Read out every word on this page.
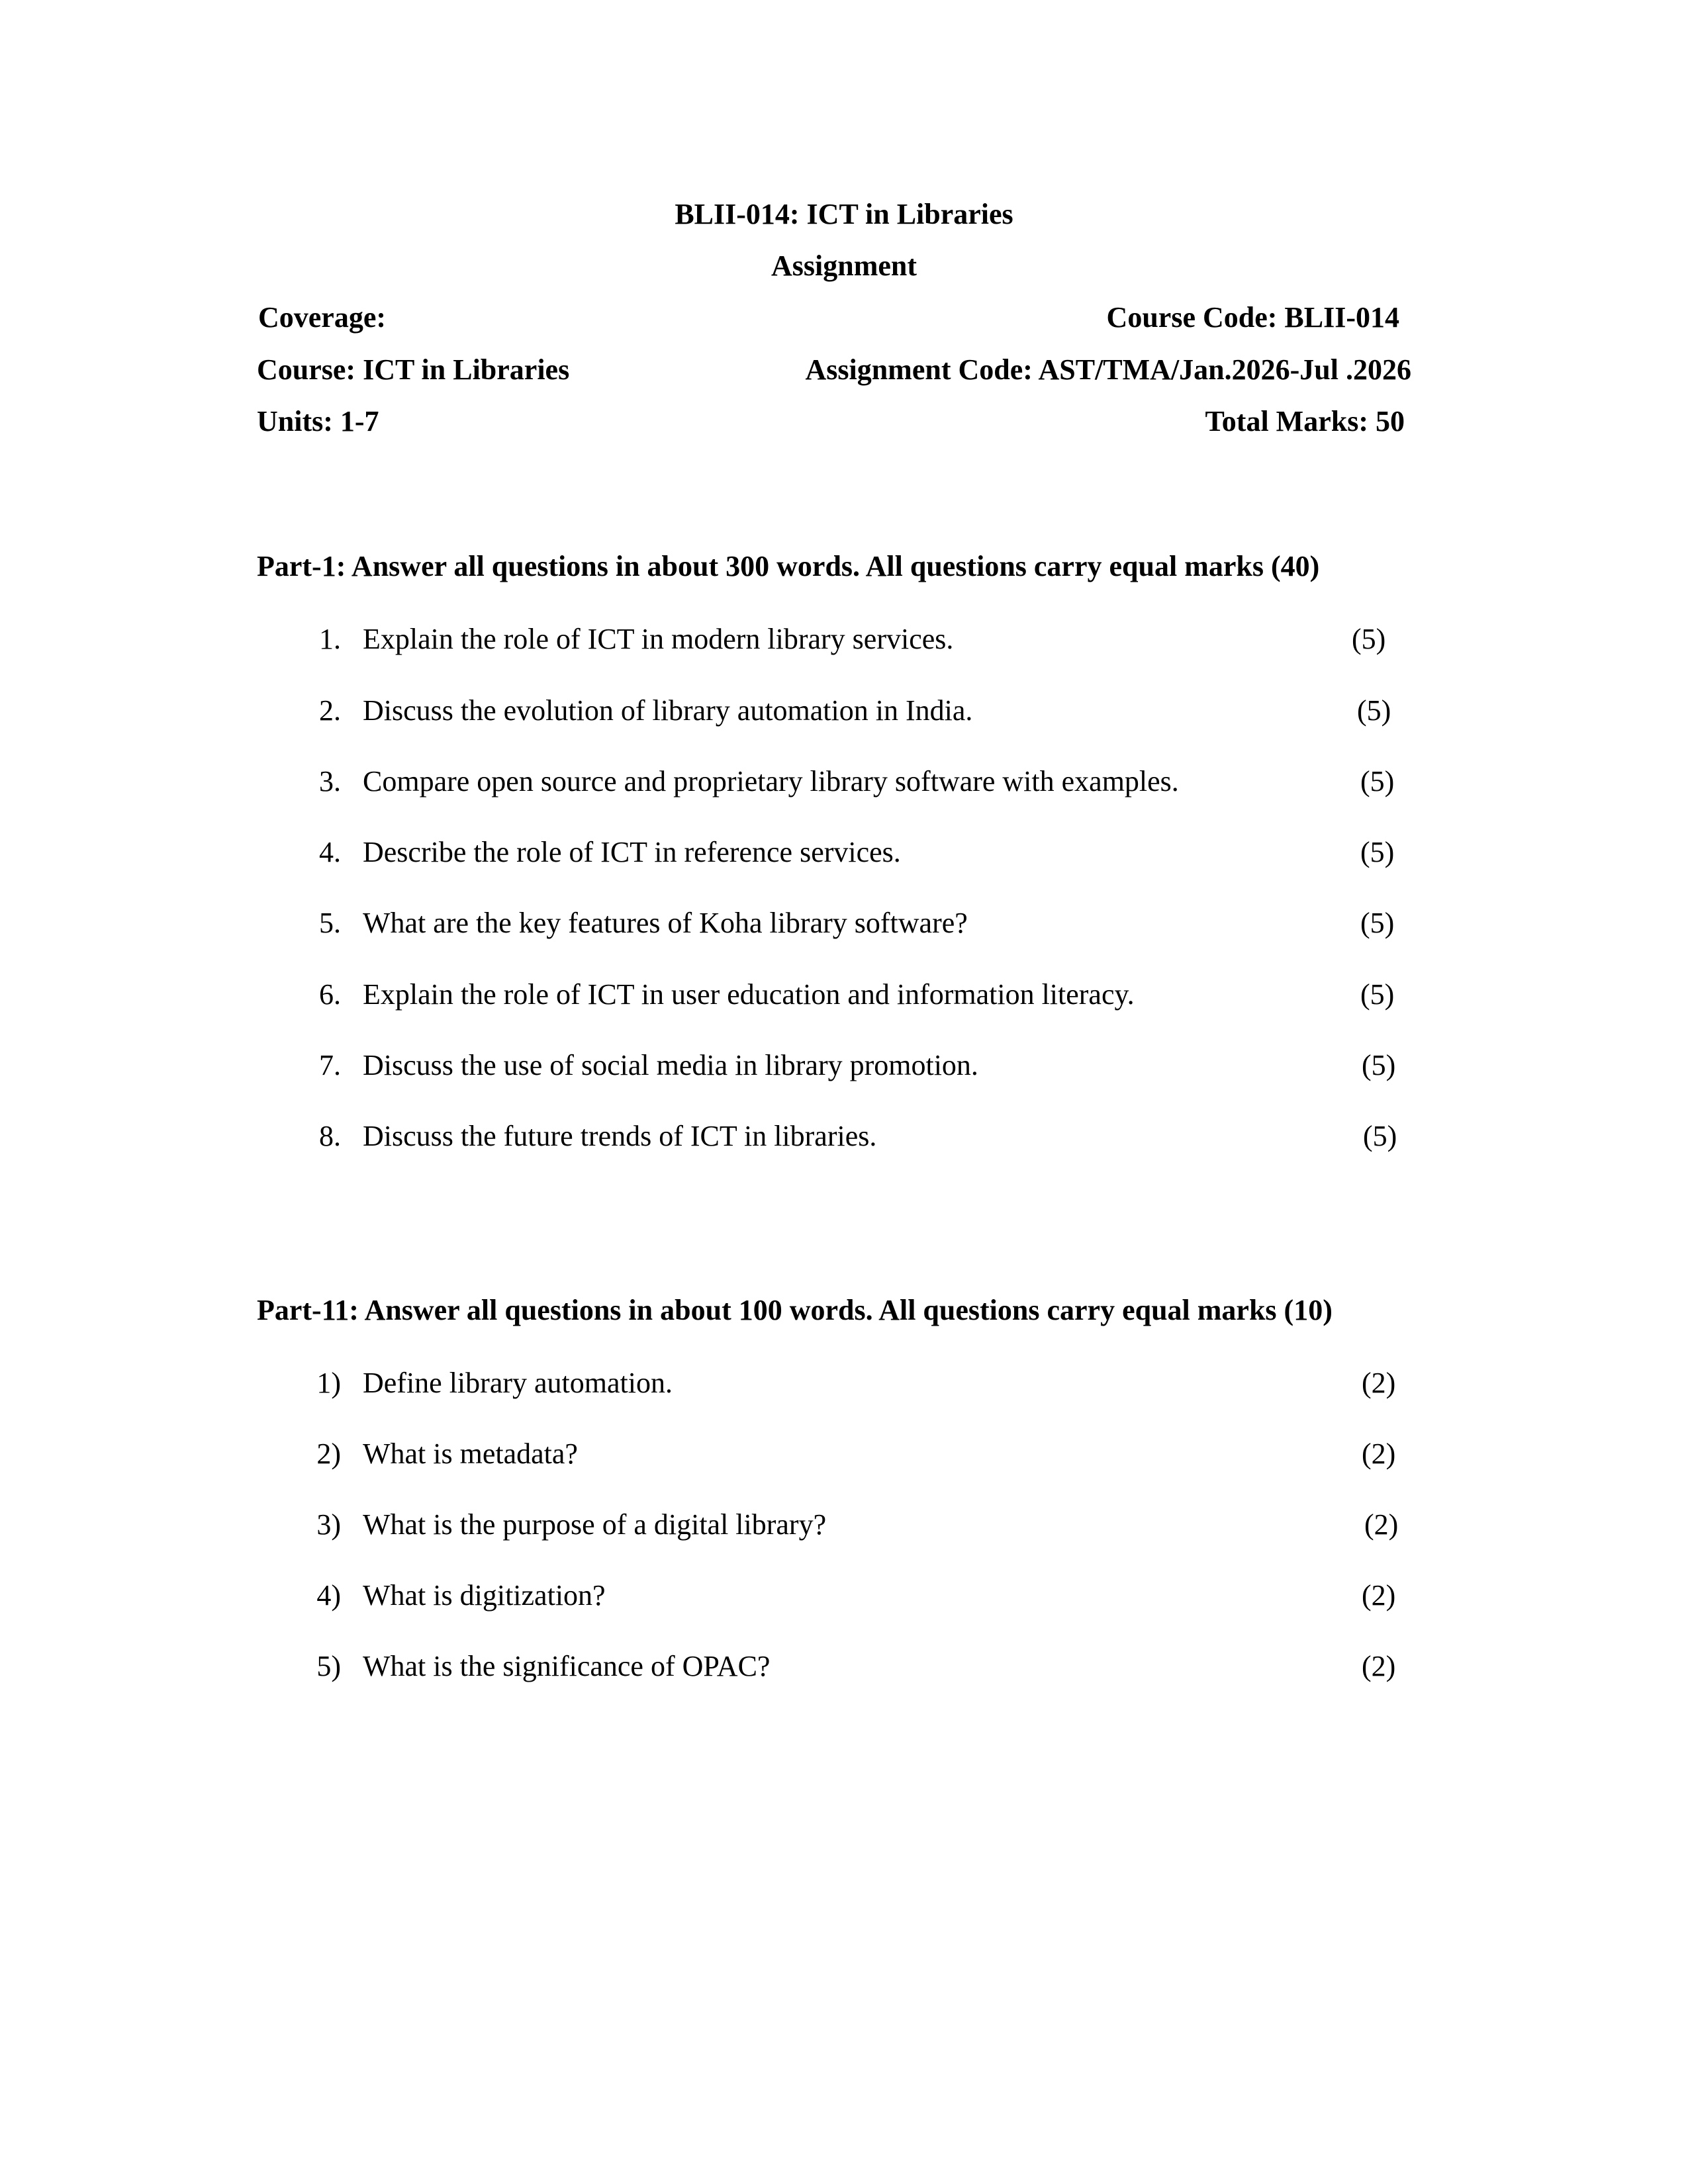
BLII-014: ICT in Libraries
Assignment
Coverage:	Course Code: BLII-014
Course: ICT in Libraries	Assignment Code: AST/TMA/Jan.2026-Jul .2026
Units: 1-7	Total Marks: 50
Part-1: Answer all questions in about 300 words. All questions carry equal marks (40)
1. Explain the role of ICT in modern library services.	(5)
2. Discuss the evolution of library automation in India.	(5)
3. Compare open source and proprietary library software with examples.	(5)
4. Describe the role of ICT in reference services.	(5)
5. What are the key features of Koha library software?	(5)
6. Explain the role of ICT in user education and information literacy.	(5)
7. Discuss the use of social media in library promotion.	(5)
8. Discuss the future trends of ICT in libraries.	(5)
Part-11: Answer all questions in about 100 words. All questions carry equal marks (10)
1) Define library automation.	(2)
2) What is metadata?	(2)
3) What is the purpose of a digital library?	(2)
4) What is digitization?	(2)
5) What is the significance of OPAC?	(2)
